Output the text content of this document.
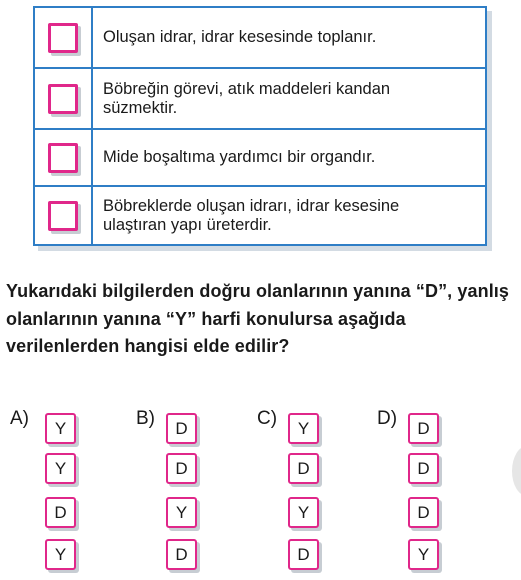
Oluşan idrar, idrar kesesinde toplanır.
Böbreğin görevi, atık maddeleri kandan süzmektir.
Mide boşaltıma yardımcı bir organdır.
Böbreklerde oluşan idrarı, idrar kesesine ulaştıran yapı üreterdir.
Yukarıdaki bilgilerden doğru olanlarının yanına “D”, yanlış olanlarının yanına “Y” harfi konulursa aşağıda verilenlerden hangisi elde edilir?
A)	Y
Y
D
Y
B)	D
D
Y
D
C)	Y
D
Y
D
D)	D
D
D
Y
